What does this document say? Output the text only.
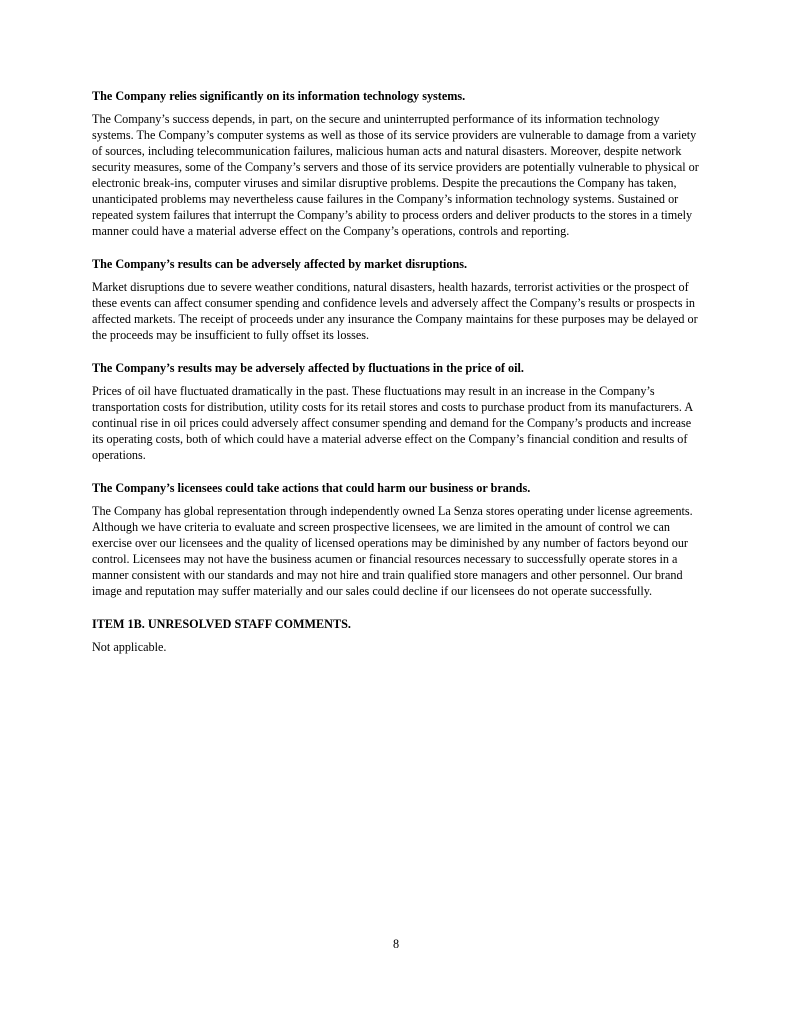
The Company relies significantly on its information technology systems.

The Company’s success depends, in part, on the secure and uninterrupted performance of its information technology systems. The Company’s computer systems as well as those of its service providers are vulnerable to damage from a variety of sources, including telecommunication failures, malicious human acts and natural disasters. Moreover, despite network security measures, some of the Company’s servers and those of its service providers are potentially vulnerable to physical or electronic break-ins, computer viruses and similar disruptive problems. Despite the precautions the Company has taken, unanticipated problems may nevertheless cause failures in the Company’s information technology systems. Sustained or repeated system failures that interrupt the Company’s ability to process orders and deliver products to the stores in a timely manner could have a material adverse effect on the Company’s operations, controls and reporting.

The Company’s results can be adversely affected by market disruptions.

Market disruptions due to severe weather conditions, natural disasters, health hazards, terrorist activities or the prospect of these events can affect consumer spending and confidence levels and adversely affect the Company’s results or prospects in affected markets. The receipt of proceeds under any insurance the Company maintains for these purposes may be delayed or the proceeds may be insufficient to fully offset its losses.

The Company’s results may be adversely affected by fluctuations in the price of oil.

Prices of oil have fluctuated dramatically in the past. These fluctuations may result in an increase in the Company’s transportation costs for distribution, utility costs for its retail stores and costs to purchase product from its manufacturers. A continual rise in oil prices could adversely affect consumer spending and demand for the Company’s products and increase its operating costs, both of which could have a material adverse effect on the Company’s financial condition and results of operations.

The Company’s licensees could take actions that could harm our business or brands.

The Company has global representation through independently owned La Senza stores operating under license agreements. Although we have criteria to evaluate and screen prospective licensees, we are limited in the amount of control we can exercise over our licensees and the quality of licensed operations may be diminished by any number of factors beyond our control. Licensees may not have the business acumen or financial resources necessary to successfully operate stores in a manner consistent with our standards and may not hire and train qualified store managers and other personnel. Our brand image and reputation may suffer materially and our sales could decline if our licensees do not operate successfully.

ITEM 1B. UNRESOLVED STAFF COMMENTS.

Not applicable.

8
